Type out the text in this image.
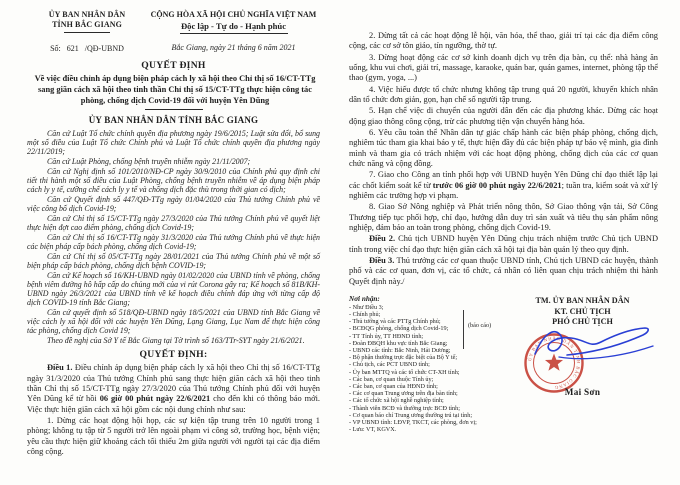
ỦY BAN NHÂN DÂN
TỈNH BẮC GIANG
Số: 621 /QĐ-UBND
CỘNG HÒA XÃ HỘI CHỦ NGHĨA VIỆT NAM
Độc lập - Tự do - Hạnh phúc
Bắc Giang, ngày 21 tháng 6 năm 2021
QUYẾT ĐỊNH
Về việc điều chỉnh áp dụng biện pháp cách ly xã hội theo Chỉ thị số 16/CT-TTg sang giãn cách xã hội theo tinh thần Chỉ thị số 15/CT-TTg thực hiện công tác phòng, chống dịch Covid-19 đối với huyện Yên Dũng
ỦY BAN NHÂN DÂN TỈNH BẮC GIANG

Căn cứ Luật Tổ chức chính quyền địa phương ngày 19/6/2015; Luật sửa đổi, bổ sung một số điều của Luật Tổ chức Chính phủ và Luật Tổ chức chính quyền địa phương ngày 22/11/2019;

Căn cứ Luật Phòng, chống bệnh truyền nhiễm ngày 21/11/2007;

Căn cứ Nghị định số 101/2010/NĐ-CP ngày 30/9/2010 của Chính phủ quy định chi tiết thi hành một số điều của Luật Phòng, chống bệnh truyền nhiễm về áp dụng biện pháp cách ly y tế, cưỡng chế cách ly y tế và chống dịch đặc thù trong thời gian có dịch;

Căn cứ Quyết định số 447/QĐ-TTg ngày 01/04/2020 của Thủ tướng Chính phủ về việc công bố dịch Covid-19;

Căn cứ Chỉ thị số 15/CT-TTg ngày 27/3/2020 của Thủ tướng Chính phủ về quyết liệt thực hiện đợt cao điểm phòng, chống dịch Covid-19;

Căn cứ Chỉ thị số 16/CT-TTg ngày 31/3/2020 của Thủ tướng Chính phủ về thực hiện các biện pháp cấp bách phòng, chống dịch Covid-19;

Căn cứ Chỉ thị số 05/CT-TTg ngày 28/01/2021 của Thủ tướng Chính phủ về một số biện pháp cấp bách phòng, chống dịch bệnh COVID-19;

Căn cứ Kế hoạch số 16/KH-UBND ngày 01/02/2020 của UBND tỉnh về phòng, chống bệnh viêm đường hô hấp cấp do chủng mới của vi rút Corona gây ra; Kế hoạch số 81B/KH-UBND ngày 26/3/2021 của UBND tỉnh về kế hoạch điều chỉnh đáp ứng với từng cấp độ dịch COVID-19 tỉnh Bắc Giang;

Căn cứ quyết định số 518/QĐ-UBND ngày 18/5/2021 của UBND tỉnh Bắc Giang về việc cách ly xã hội đối với các huyện Yên Dũng, Lạng Giang, Lục Nam để thực hiện công tác phòng, chống dịch Covid 19;

Theo đề nghị của Sở Y tế Bắc Giang tại Tờ trình số 163/TTr-SYT ngày 21/6/2021.

QUYẾT ĐỊNH:

Điều 1. Điều chỉnh áp dụng biện pháp cách ly xã hội theo Chỉ thị số 16/CT-TTg ngày 31/3/2020 của Thủ tướng Chính phủ sang thực hiện giãn cách xã hội theo tinh thần Chỉ thị số 15/CT-TTg ngày 27/3/2020 của Thủ tướng Chính phủ đối với huyện Yên Dũng kể từ hồi 06 giờ 00 phút ngày 22/6/2021 cho đến khi có thông báo mới. Việc thực hiện giãn cách xã hội gồm các nội dung chính như sau:

1. Dừng các hoạt động hội họp, các sự kiện tập trung trên 10 người trong 1 phòng; không tụ tập từ 5 người trở lên ngoài phạm vi công sở, trường học, bệnh viện; yêu cầu thực hiện giữ khoảng cách tối thiểu 2m giữa người với người tại các địa điểm công cộng.

2. Dừng tất cả các hoạt động lễ hội, văn hóa, thể thao, giải trí tại các địa điểm công cộng, các cơ sở tôn giáo, tín ngưỡng, thờ tự.

3. Dừng hoạt động các cơ sở kinh doanh dịch vụ trên địa bàn, cụ thể: nhà hàng ăn uống, khu vui chơi, giải trí, massage, karaoke, quán bar, quán games, internet, phòng tập thể thao (gym, yoga, ...)

4. Việc hiếu được tổ chức nhưng không tập trung quá 20 người, khuyến khích nhân dân tổ chức đơn giản, gọn, hạn chế số người tập trung.

5. Hạn chế việc di chuyển của người dân đến các địa phương khác. Dừng các hoạt động giao thông công cộng, trừ các phương tiện vận chuyển hàng hóa.

6. Yêu cầu toàn thể Nhân dân tự giác chấp hành các biện pháp phòng, chống dịch, nghiêm túc tham gia khai báo y tế, thực hiện đầy đủ các biện pháp tự bảo vệ mình, gia đình mình và tham gia có trách nhiệm với các hoạt động phòng, chống dịch của các cơ quan chức năng và cộng đồng.

7. Giao cho Công an tỉnh phối hợp với UBND huyện Yên Dũng chỉ đạo thiết lập lại các chốt kiểm soát kể từ trước 06 giờ 00 phút ngày 22/6/2021; tuần tra, kiểm soát và xử lý nghiêm các trường hợp vi phạm.

8. Giao Sở Nông nghiệp và Phát triển nông thôn, Sở Giao thông vận tải, Sở Công Thương tiếp tục phối hợp, chỉ đạo, hướng dẫn duy trì sản xuất và tiêu thụ sản phẩm nông nghiệp, đảm bảo an toàn trong phòng, chống dịch Covid-19.

Điều 2. Chủ tịch UBND huyện Yên Dũng chịu trách nhiệm trước Chủ tịch UBND tỉnh trong việc chỉ đạo thực hiện giãn cách xã hội tại địa bàn quản lý theo quy định.

Điều 3. Thủ trưởng các cơ quan thuộc UBND tỉnh, Chủ tịch UBND các huyện, thành phố và các cơ quan, đơn vị, các tổ chức, cá nhân có liên quan chịu trách nhiệm thi hành Quyết định này./

Nơi nhận:
- Như Điều 3;
- Chính phủ;
- Thủ tướng và các PTTg Chính phủ;
- BCĐQG phòng, chống dịch Covid-19;
- TT Tỉnh ủy, TT HĐND tỉnh;
- Đoàn ĐBQH khu vực tỉnh Bắc Giang;
- UBND các tỉnh: Bắc Ninh, Hải Dương;
- Bộ phận thường trực đặc biệt của Bộ Y tế;
- Chủ tịch, các PCT UBND tỉnh;
- Ủy ban MTTQ và các tổ chức CT-XH tỉnh;
- Các ban, cơ quan thuộc Tỉnh ủy;
- Các ban, cơ quan của HĐND tỉnh;
- Các cơ quan Trung ương trên địa bàn tỉnh;
- Các tổ chức xã hội nghề nghiệp tỉnh;
- Thành viên BCĐ và thường trực BCĐ tỉnh;
- Cơ quan báo chí Trung ương thường trú tại tỉnh;
- VP UBND tỉnh: LĐVP, TKCT, các phòng, đơn vị;
- Lưu: VT, KGVX.
(báo cáo)
TM. ỦY BAN NHÂN DÂN
KT. CHỦ TỊCH
PHÓ CHỦ TỊCH
ỦY BAN NHÂN DÂN TỈNH BẮC GIANG Mai Sơn
